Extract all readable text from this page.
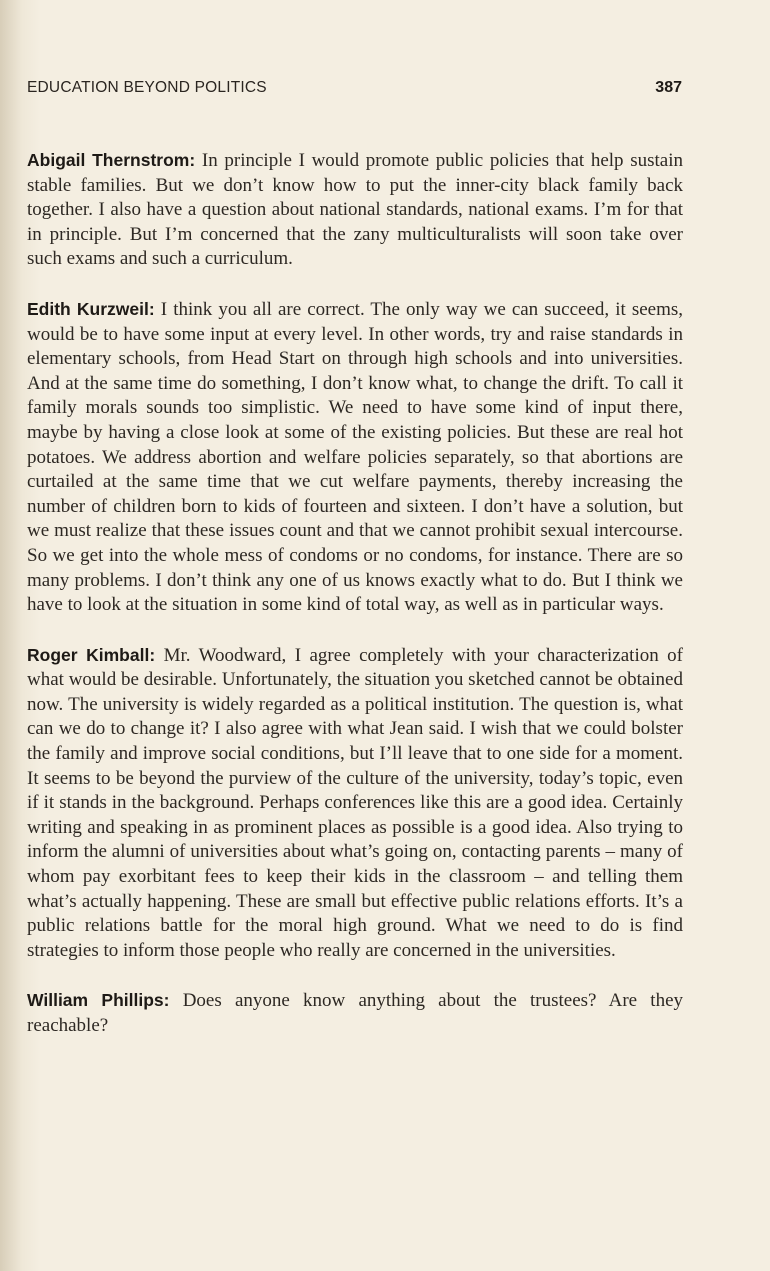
EDUCATION BEYOND POLITICS	387

Abigail Thernstrom: In principle I would promote public policies that help sustain stable families. But we don’t know how to put the inner-city black family back together. I also have a question about national standards, national exams. I’m for that in principle. But I’m concerned that the zany multiculturalists will soon take over such exams and such a curriculum.

Edith Kurzweil: I think you all are correct. The only way we can succeed, it seems, would be to have some input at every level. In other words, try and raise standards in elementary schools, from Head Start on through high schools and into universities. And at the same time do something, I don’t know what, to change the drift. To call it family morals sounds too simplistic. We need to have some kind of input there, maybe by having a close look at some of the existing policies. But these are real hot potatoes. We address abortion and welfare policies separately, so that abortions are curtailed at the same time that we cut welfare payments, thereby increasing the number of children born to kids of fourteen and sixteen. I don’t have a solution, but we must realize that these issues count and that we cannot prohibit sexual intercourse. So we get into the whole mess of condoms or no condoms, for instance. There are so many problems. I don’t think any one of us knows exactly what to do. But I think we have to look at the situation in some kind of total way, as well as in particular ways.

Roger Kimball: Mr. Woodward, I agree completely with your characterization of what would be desirable. Unfortunately, the situation you sketched cannot be obtained now. The university is widely regarded as a political institution. The question is, what can we do to change it? I also agree with what Jean said. I wish that we could bolster the family and improve social conditions, but I’ll leave that to one side for a moment. It seems to be beyond the purview of the culture of the university, today’s topic, even if it stands in the background. Perhaps conferences like this are a good idea. Certainly writing and speaking in as prominent places as possible is a good idea. Also trying to inform the alumni of universities about what’s going on, contacting parents – many of whom pay exorbitant fees to keep their kids in the classroom – and telling them what’s actually happening. These are small but effective public relations efforts. It’s a public relations battle for the moral high ground. What we need to do is find strategies to inform those people who really are concerned in the universities.

William Phillips: Does anyone know anything about the trustees? Are they reachable?
